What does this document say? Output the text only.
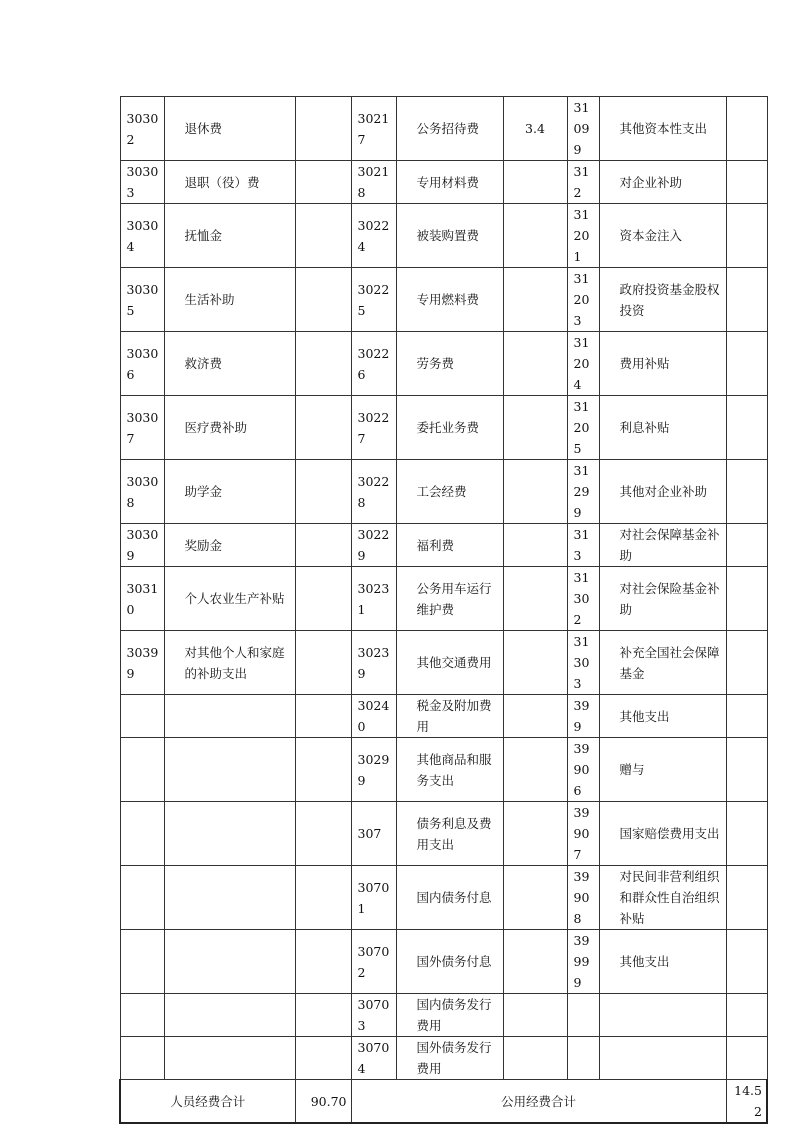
30302	退休费		30217	公务招待费	3.4	31099	其他资本性支出	
30303	退职（役）费		30218	专用材料费		312	对企业补助	
30304	抚恤金		30224	被装购置费		31201	资本金注入	
30305	生活补助		30225	专用燃料费		31203	政府投资基金股权投资	
30306	救济费		30226	劳务费		31204	费用补贴	
30307	医疗费补助		30227	委托业务费		31205	利息补贴	
30308	助学金		30228	工会经费		31299	其他对企业补助	
30309	奖励金		30229	福利费		313	对社会保障基金补助	
30310	个人农业生产补贴		30231	公务用车运行维护费		31302	对社会保险基金补助	
30399	对其他个人和家庭的补助支出		30239	其他交通费用		31303	补充全国社会保障基金	
			30240	税金及附加费用		399	其他支出	
			30299	其他商品和服务支出		39906	赠与	
			307	债务利息及费用支出		39907	国家赔偿费用支出	
			30701	国内债务付息		39908	对民间非营利组织和群众性自治组织补贴	
			30702	国外债务付息		39999	其他支出	
			30703	国内债务发行费用				
			30704	国外债务发行费用				
人员经费合计		90.70	公用经费合计					14.52
